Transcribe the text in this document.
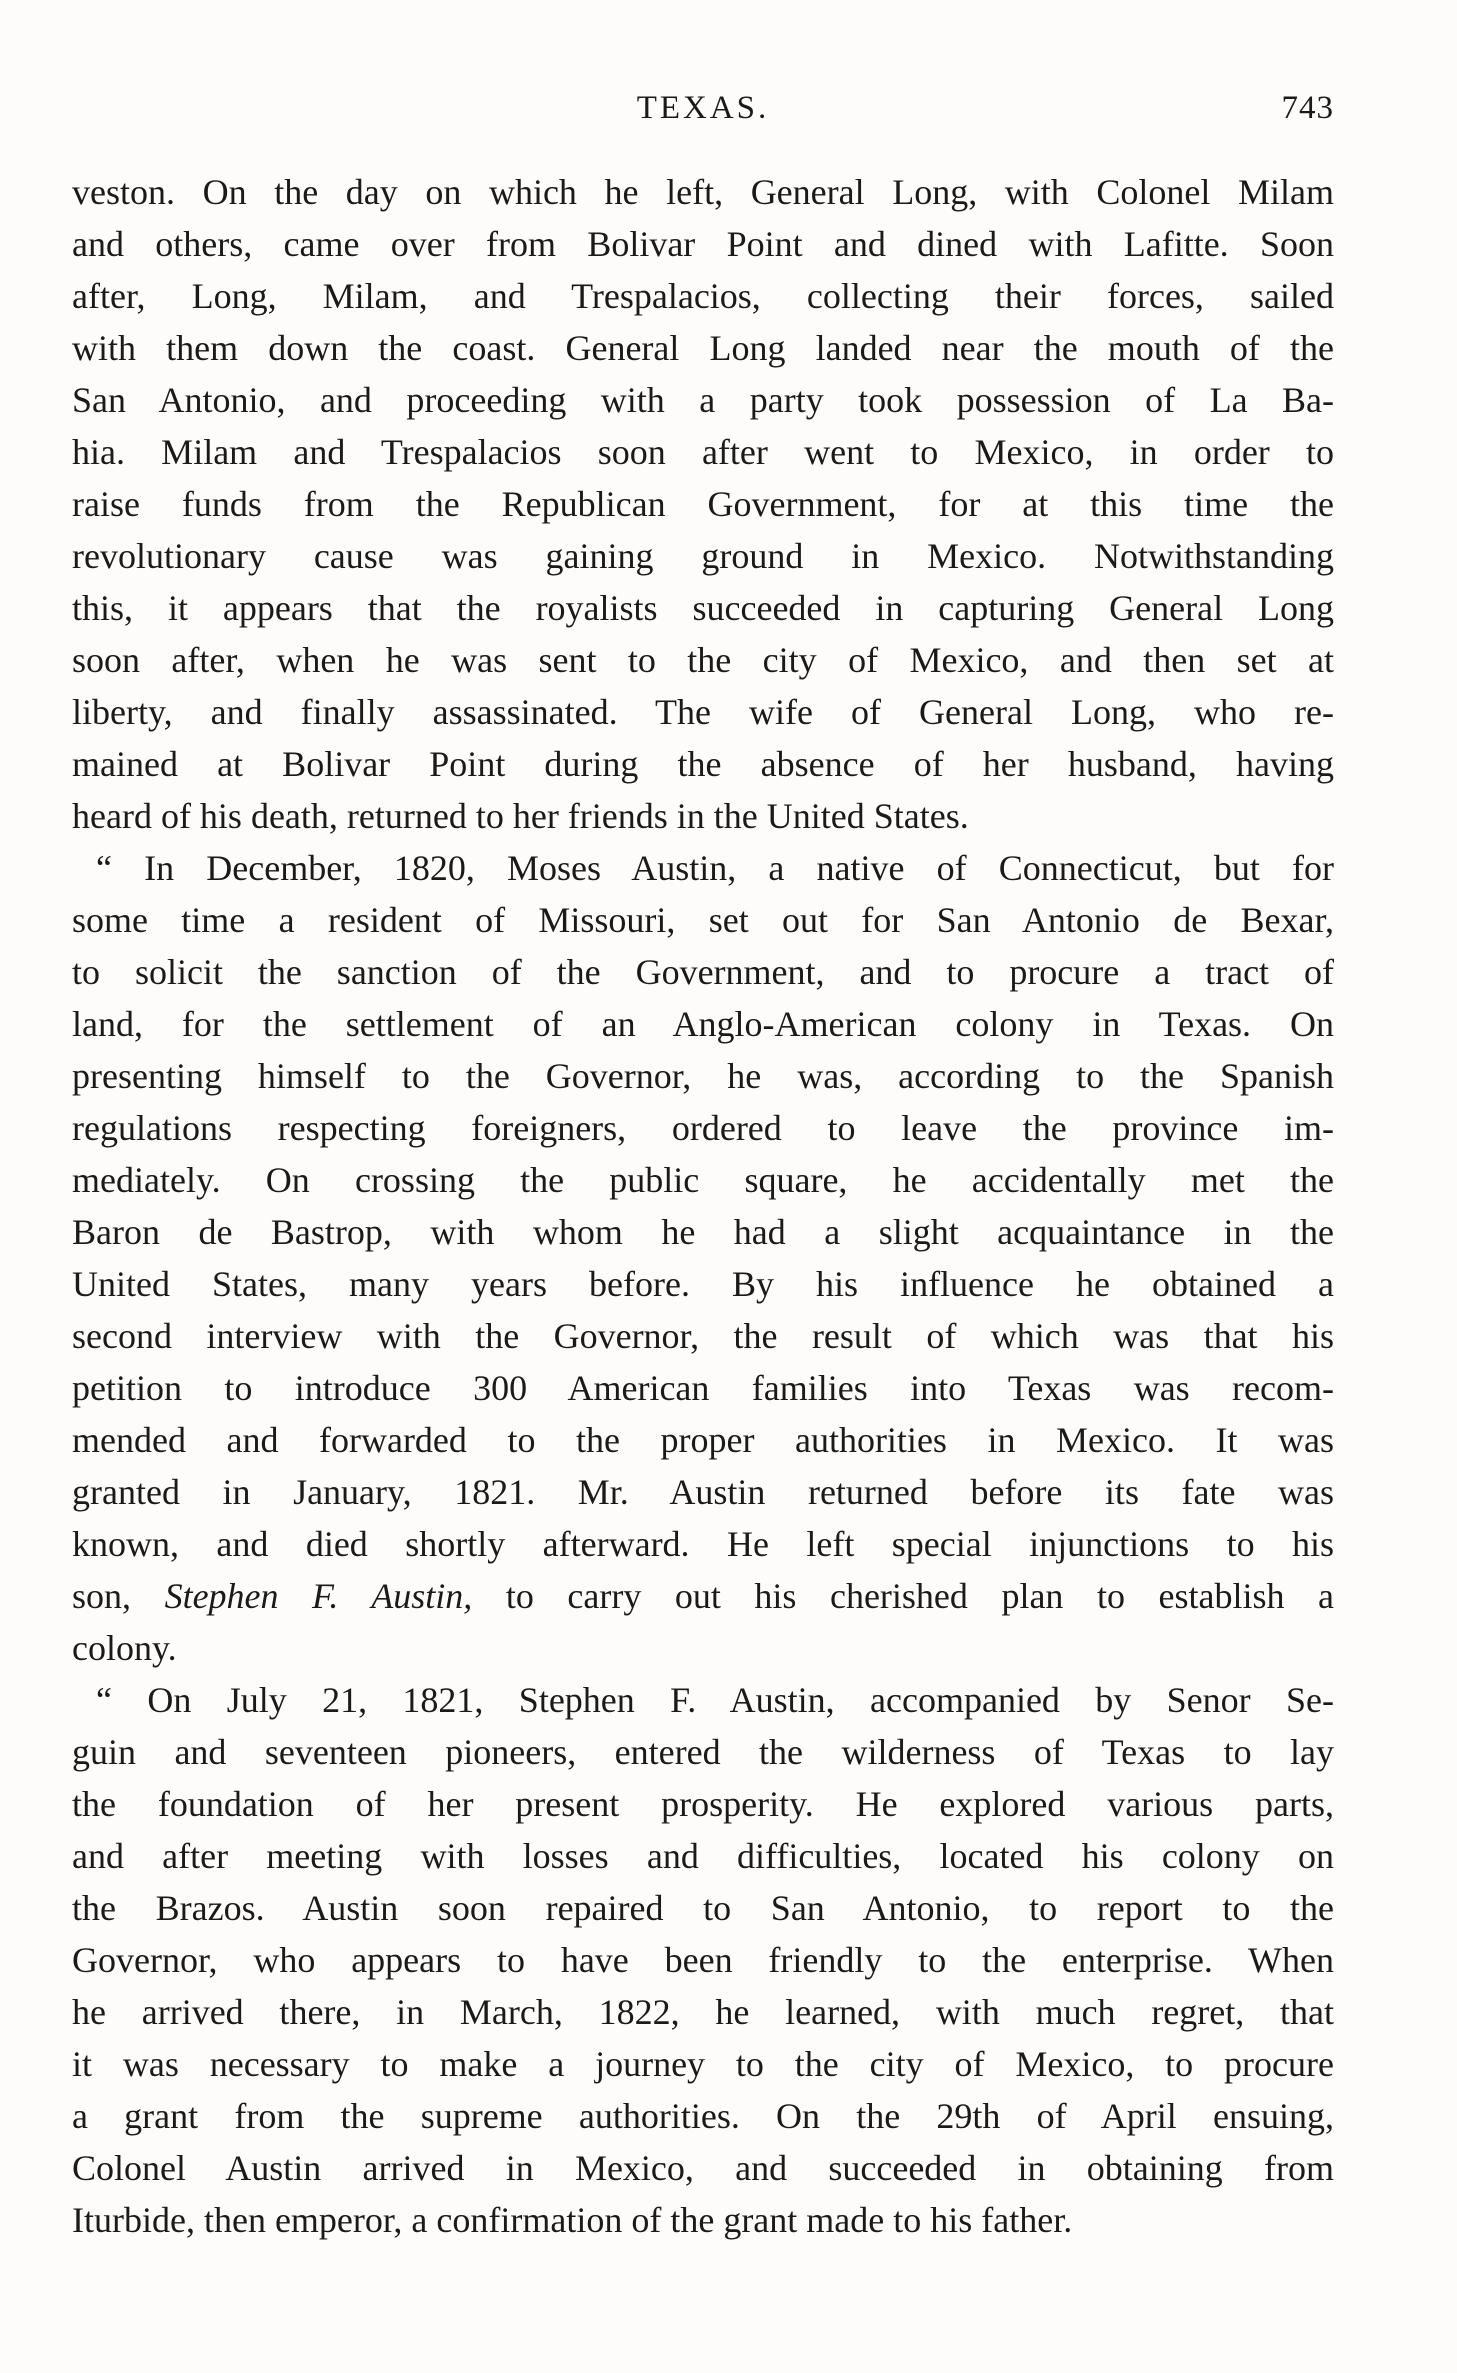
TEXAS.	743
veston. On the day on which he left, General Long, with Colonel Milam
and others, came over from Bolivar Point and dined with Lafitte. Soon
after, Long, Milam, and Trespalacios, collecting their forces, sailed
with them down the coast. General Long landed near the mouth of the
San Antonio, and proceeding with a party took possession of La Ba-
hia. Milam and Trespalacios soon after went to Mexico, in order to
raise funds from the Republican Government, for at this time the
revolutionary cause was gaining ground in Mexico. Notwithstanding
this, it appears that the royalists succeeded in capturing General Long
soon after, when he was sent to the city of Mexico, and then set at
liberty, and finally assassinated. The wife of General Long, who re-
mained at Bolivar Point during the absence of her husband, having
heard of his death, returned to her friends in the United States.
“ In December, 1820, Moses Austin, a native of Connecticut, but for
some time a resident of Missouri, set out for San Antonio de Bexar,
to solicit the sanction of the Government, and to procure a tract of
land, for the settlement of an Anglo-American colony in Texas. On
presenting himself to the Governor, he was, according to the Spanish
regulations respecting foreigners, ordered to leave the province im-
mediately. On crossing the public square, he accidentally met the
Baron de Bastrop, with whom he had a slight acquaintance in the
United States, many years before. By his influence he obtained a
second interview with the Governor, the result of which was that his
petition to introduce 300 American families into Texas was recom-
mended and forwarded to the proper authorities in Mexico. It was
granted in January, 1821. Mr. Austin returned before its fate was
known, and died shortly afterward. He left special injunctions to his
son, Stephen F. Austin, to carry out his cherished plan to establish a
colony.
“ On July 21, 1821, Stephen F. Austin, accompanied by Senor Se-
guin and seventeen pioneers, entered the wilderness of Texas to lay
the foundation of her present prosperity. He explored various parts,
and after meeting with losses and difficulties, located his colony on
the Brazos. Austin soon repaired to San Antonio, to report to the
Governor, who appears to have been friendly to the enterprise. When
he arrived there, in March, 1822, he learned, with much regret, that
it was necessary to make a journey to the city of Mexico, to procure
a grant from the supreme authorities. On the 29th of April ensuing,
Colonel Austin arrived in Mexico, and succeeded in obtaining from
Iturbide, then emperor, a confirmation of the grant made to his father.
